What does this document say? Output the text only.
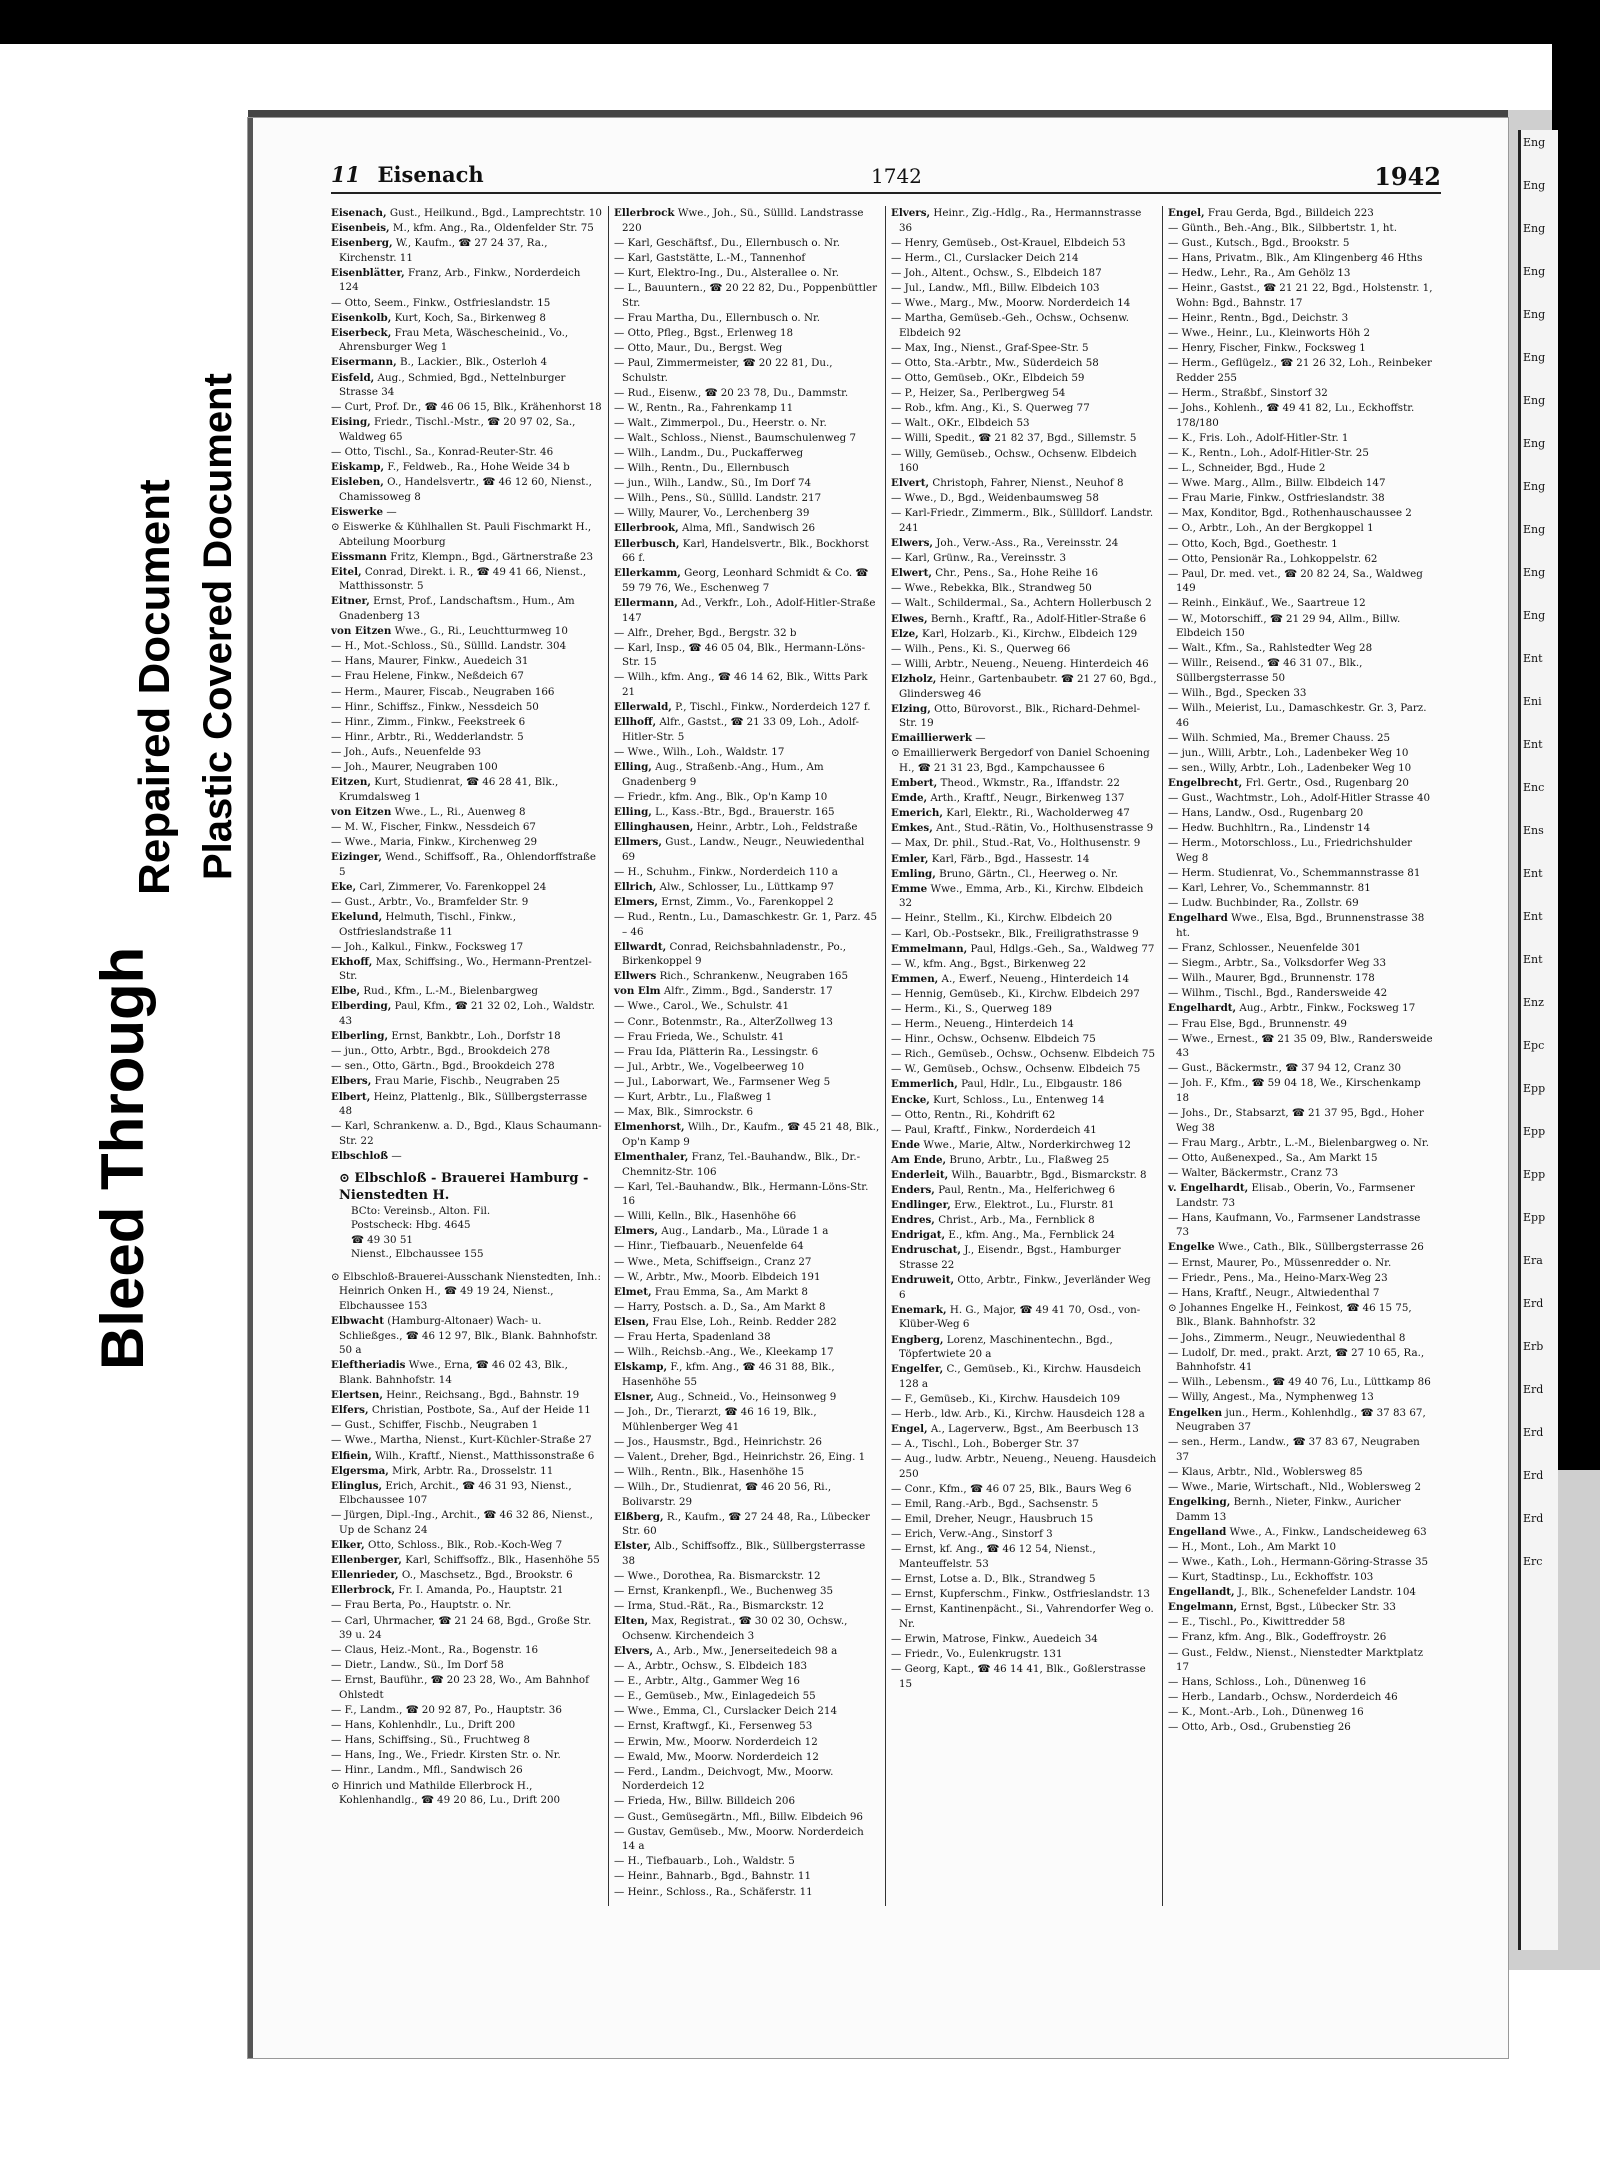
Bleed Through
Repaired Document Plastic Covered Document
11 Eisenach	1742	1942
Eisenach, Gust., Heilkund., Bgd., Lamprechtstr. 10
Eisenbeis, M., kfm. Ang., Ra., Oldenfelder Str. 75
Eisenberg, W., Kaufm., ☎ 27 24 37, Ra., Kirchenstr. 11
Eisenblätter, Franz, Arb., Finkw., Norderdeich 124
— Otto, Seem., Finkw., Ostfrieslandstr. 15
Eisenkolb, Kurt, Koch, Sa., Birkenweg 8
Eiserbeck, Frau Meta, Wäschescheinid., Vo., Ahrensburger Weg 1
Eisermann, B., Lackier., Blk., Osterloh 4
Eisfeld, Aug., Schmied, Bgd., Nettelnburger Strasse 34
— Curt, Prof. Dr., ☎ 46 06 15, Blk., Krähenhorst 18
Eising, Friedr., Tischl.-Mstr., ☎ 20 97 02, Sa., Waldweg 65
— Otto, Tischl., Sa., Konrad-Reuter-Str. 46
Eiskamp, F., Feldweb., Ra., Hohe Weide 34 b
Eisleben, O., Handelsvertr., ☎ 46 12 60, Nienst., Chamissoweg 8
Eiswerke —
⊙ Eiswerke & Kühlhallen St. Pauli Fischmarkt H., Abteilung Moorburg
Eissmann Fritz, Klempn., Bgd., Gärtnerstraße 23
Eitel, Conrad, Direkt. i. R., ☎ 49 41 66, Nienst., Matthissonstr. 5
Eitner, Ernst, Prof., Landschaftsm., Hum., Am Gnadenberg 13
von Eitzen Wwe., G., Ri., Leuchtturmweg 10
— H., Mot.-Schloss., Sü., Süllld. Landstr. 304
— Hans, Maurer, Finkw., Auedeich 31
— Frau Helene, Finkw., Neßdeich 67
— Herm., Maurer, Fiscab., Neugraben 166
— Hinr., Schiffsz., Finkw., Nessdeich 50
— Hinr., Zimm., Finkw., Feekstreek 6
— Hinr., Arbtr., Ri., Wedderlandstr. 5
— Joh., Aufs., Neuenfelde 93
— Joh., Maurer, Neugraben 100
Eitzen, Kurt, Studienrat, ☎ 46 28 41, Blk., Krumdalsweg 1
von Eitzen Wwe., L., Ri., Auenweg 8
— M. W., Fischer, Finkw., Nessdeich 67
— Wwe., Maria, Finkw., Kirchenweg 29
Eizinger, Wend., Schiffsoff., Ra., Ohlendorffstraße 5
Eke, Carl, Zimmerer, Vo. Farenkoppel 24
— Gust., Arbtr., Vo., Bramfelder Str. 9
Ekelund, Helmuth, Tischl., Finkw., Ostfrieslandstraße 11
— Joh., Kalkul., Finkw., Focksweg 17
Ekhoff, Max, Schiffsing., Wo., Hermann-Prentzel-Str.
Elbe, Rud., Kfm., L.-M., Bielenbargweg
Elberding, Paul, Kfm., ☎ 21 32 02, Loh., Waldstr. 43
Elberling, Ernst, Bankbtr., Loh., Dorfstr 18
— jun., Otto, Arbtr., Bgd., Brookdeich 278
— sen., Otto, Gärtn., Bgd., Brookdeich 278
Elbers, Frau Marie, Fischb., Neugraben 25
Elbert, Heinz, Plattenlg., Blk., Süllbergsterrasse 48
— Karl, Schrankenw. a. D., Bgd., Klaus Schaumann-Str. 22
Elbschloß —
⊙ Elbschloß - Brauerei Hamburg - Nienstedten H.
BCto: Vereinsb., Alton. Fil.
Postscheck: Hbg. 4645
☎ 49 30 51
Nienst., Elbchaussee 155
⊙ Elbschloß-Brauerei-Ausschank Nienstedten, Inh.: Heinrich Onken H., ☎ 49 19 24, Nienst., Elbchaussee 153
Elbwacht (Hamburg-Altonaer) Wach- u. Schließges., ☎ 46 12 97, Blk., Blank. Bahnhofstr. 50 a
Eleftheriadis Wwe., Erna, ☎ 46 02 43, Blk., Blank. Bahnhofstr. 14
Elertsen, Heinr., Reichsang., Bgd., Bahnstr. 19
Elfers, Christian, Postbote, Sa., Auf der Heide 11
— Gust., Schiffer, Fischb., Neugraben 1
— Wwe., Martha, Nienst., Kurt-Küchler-Straße 27
Elfiein, Wilh., Kraftf., Nienst., Matthissonstraße 6
Elgersma, Mirk, Arbtr. Ra., Drosselstr. 11
Elinglus, Erich, Archit., ☎ 46 31 93, Nienst., Elbchaussee 107
— Jürgen, Dipl.-Ing., Archit., ☎ 46 32 86, Nienst., Up de Schanz 24
Elker, Otto, Schloss., Blk., Rob.-Koch-Weg 7
Ellenberger, Karl, Schiffsoffz., Blk., Hasenhöhe 55
Ellenrieder, O., Maschsetz., Bgd., Brookstr. 6
Ellerbrock, Fr. I. Amanda, Po., Hauptstr. 21
— Frau Berta, Po., Hauptstr. o. Nr.
— Carl, Uhrmacher, ☎ 21 24 68, Bgd., Große Str. 39 u. 24
— Claus, Heiz.-Mont., Ra., Bogenstr. 16
— Dietr., Landw., Sü., Im Dorf 58
— Ernst, Bauführ., ☎ 20 23 28, Wo., Am Bahnhof Ohlstedt
— F., Landm., ☎ 20 92 87, Po., Hauptstr. 36
— Hans, Kohlenhdlr., Lu., Drift 200
— Hans, Schiffsing., Sü., Fruchtweg 8
— Hans, Ing., We., Friedr. Kirsten Str. o. Nr.
— Hinr., Landm., Mfl., Sandwisch 26
⊙ Hinrich und Mathilde Ellerbrock H., Kohlenhandlg., ☎ 49 20 86, Lu., Drift 200
Ellerbrock Wwe., Joh., Sü., Süllld. Landstrasse 220
— Karl, Geschäftsf., Du., Ellernbusch o. Nr.
— Karl, Gaststätte, L.-M., Tannenhof
— Kurt, Elektro-Ing., Du., Alsterallee o. Nr.
— L., Bauuntern., ☎ 20 22 82, Du., Poppenbüttler Str.
— Frau Martha, Du., Ellernbusch o. Nr.
— Otto, Pfleg., Bgst., Erlenweg 18
— Otto, Maur., Du., Bergst. Weg
— Paul, Zimmermeister, ☎ 20 22 81, Du., Schulstr.
— Rud., Eisenw., ☎ 20 23 78, Du., Dammstr.
— W., Rentn., Ra., Fahrenkamp 11
— Walt., Zimmerpol., Du., Heerstr. o. Nr.
— Walt., Schloss., Nienst., Baumschulenweg 7
— Wilh., Landm., Du., Puckafferweg
— Wilh., Rentn., Du., Ellernbusch
— jun., Wilh., Landw., Sü., Im Dorf 74
— Wilh., Pens., Sü., Süllld. Landstr. 217
— Willy, Maurer, Vo., Lerchenberg 39
Ellerbrook, Alma, Mfl., Sandwisch 26
Ellerbusch, Karl, Handelsvertr., Blk., Bockhorst 66 f.
Ellerkamm, Georg, Leonhard Schmidt & Co. ☎ 59 79 76, We., Eschenweg 7
Ellermann, Ad., Verkfr., Loh., Adolf-Hitler-Straße 147
— Alfr., Dreher, Bgd., Bergstr. 32 b
— Karl, Insp., ☎ 46 05 04, Blk., Hermann-Löns-Str. 15
— Wilh., kfm. Ang., ☎ 46 14 62, Blk., Witts Park 21
Ellerwald, P., Tischl., Finkw., Norderdeich 127 f.
Ellhoff, Alfr., Gastst., ☎ 21 33 09, Loh., Adolf-Hitler-Str. 5
— Wwe., Wilh., Loh., Waldstr. 17
Elling, Aug., Straßenb.-Ang., Hum., Am Gnadenberg 9
— Friedr., kfm. Ang., Blk., Op'n Kamp 10
Elling, L., Kass.-Btr., Bgd., Brauerstr. 165
Ellinghausen, Heinr., Arbtr., Loh., Feldstraße
Ellmers, Gust., Landw., Neugr., Neuwiedenthal 69
— H., Schuhm., Finkw., Norderdeich 110 a
Ellrich, Alw., Schlosser, Lu., Lüttkamp 97
Elmers, Ernst, Zimm., Vo., Farenkoppel 2
— Rud., Rentn., Lu., Damaschkestr. Gr. 1, Parz. 45 – 46
Ellwardt, Conrad, Reichsbahnladenstr., Po., Birkenkoppel 9
Ellwers Rich., Schrankenw., Neugraben 165
von Elm Alfr., Zimm., Bgd., Sanderstr. 17
— Wwe., Carol., We., Schulstr. 41
— Conr., Botenmstr., Ra., AlterZollweg 13
— Frau Frieda, We., Schulstr. 41
— Frau Ida, Plätterin Ra., Lessingstr. 6
— Jul., Arbtr., We., Vogelbeerweg 10
— Jul., Laborwart, We., Farmsener Weg 5
— Kurt, Arbtr., Lu., Flaßweg 1
— Max, Blk., Simrockstr. 6
Elmenhorst, Wilh., Dr., Kaufm., ☎ 45 21 48, Blk., Op'n Kamp 9
Elmenthaler, Franz, Tel.-Bauhandw., Blk., Dr.-Chemnitz-Str. 106
— Karl, Tel.-Bauhandw., Blk., Hermann-Löns-Str. 16
— Willi, Kelln., Blk., Hasenhöhe 66
Elmers, Aug., Landarb., Ma., Lürade 1 a
— Hinr., Tiefbauarb., Neuenfelde 64
— Wwe., Meta, Schiffseign., Cranz 27
— W., Arbtr., Mw., Moorb. Elbdeich 191
Elmet, Frau Emma, Sa., Am Markt 8
— Harry, Postsch. a. D., Sa., Am Markt 8
Elsen, Frau Else, Loh., Reinb. Redder 282
— Frau Herta, Spadenland 38
— Wilh., Reichsb.-Ang., We., Kleekamp 17
Elskamp, F., kfm. Ang., ☎ 46 31 88, Blk., Hasenhöhe 55
Elsner, Aug., Schneid., Vo., Heinsonweg 9
— Joh., Dr., Tierarzt, ☎ 46 16 19, Blk., Mühlenberger Weg 41
— Jos., Hausmstr., Bgd., Heinrichstr. 26
— Valent., Dreher, Bgd., Heinrichstr. 26, Eing. 1
— Wilh., Rentn., Blk., Hasenhöhe 15
— Wilh., Dr., Studienrat, ☎ 46 20 56, Ri., Bolivarstr. 29
Elßberg, R., Kaufm., ☎ 27 24 48, Ra., Lübecker Str. 60
Elster, Alb., Schiffsoffz., Blk., Süllbergsterrasse 38
— Wwe., Dorothea, Ra. Bismarckstr. 12
— Ernst, Krankenpfl., We., Buchenweg 35
— Irma, Stud.-Rät., Ra., Bismarckstr. 12
Elten, Max, Registrat., ☎ 30 02 30, Ochsw., Ochsenw. Kirchendeich 3
Elvers, A., Arb., Mw., Jenerseitedeich 98 a
— A., Arbtr., Ochsw., S. Elbdeich 183
— E., Arbtr., Altg., Gammer Weg 16
— E., Gemüseb., Mw., Einlagedeich 55
— Wwe., Emma, Cl., Curslacker Deich 214
— Ernst, Kraftwgf., Ki., Fersenweg 53
— Erwin, Mw., Moorw. Norderdeich 12
— Ewald, Mw., Moorw. Norderdeich 12
— Ferd., Landm., Deichvogt, Mw., Moorw. Norderdeich 12
— Frieda, Hw., Billw. Billdeich 206
— Gust., Gemüsegärtn., Mfl., Billw. Elbdeich 96
— Gustav, Gemüseb., Mw., Moorw. Norderdeich 14 a
— H., Tiefbauarb., Loh., Waldstr. 5
— Heinr., Bahnarb., Bgd., Bahnstr. 11
— Heinr., Schloss., Ra., Schäferstr. 11
Elvers, Heinr., Zig.-Hdlg., Ra., Hermannstrasse 36
— Henry, Gemüseb., Ost-Krauel, Elbdeich 53
— Herm., Cl., Curslacker Deich 214
— Joh., Altent., Ochsw., S., Elbdeich 187
— Jul., Landw., Mfl., Billw. Elbdeich 103
— Wwe., Marg., Mw., Moorw. Norderdeich 14
— Martha, Gemüseb.-Geh., Ochsw., Ochsenw. Elbdeich 92
— Max, Ing., Nienst., Graf-Spee-Str. 5
— Otto, Sta.-Arbtr., Mw., Süderdeich 58
— Otto, Gemüseb., OKr., Elbdeich 59
— P., Heizer, Sa., Perlbergweg 54
— Rob., kfm. Ang., Ki., S. Querweg 77
— Walt., OKr., Elbdeich 53
— Willi, Spedit., ☎ 21 82 37, Bgd., Sillemstr. 5
— Willy, Gemüseb., Ochsw., Ochsenw. Elbdeich 160
Elvert, Christoph, Fahrer, Nienst., Neuhof 8
— Wwe., D., Bgd., Weidenbaumsweg 58
— Karl-Friedr., Zimmerm., Blk., Süllldorf. Landstr. 241
Elwers, Joh., Verw.-Ass., Ra., Vereinsstr. 24
— Karl, Grünw., Ra., Vereinsstr. 3
Elwert, Chr., Pens., Sa., Hohe Reihe 16
— Wwe., Rebekka, Blk., Strandweg 50
— Walt., Schildermal., Sa., Achtern Hollerbusch 2
Elwes, Bernh., Kraftf., Ra., Adolf-Hitler-Straße 6
Elze, Karl, Holzarb., Ki., Kirchw., Elbdeich 129
— Wilh., Pens., Ki. S., Querweg 66
— Willi, Arbtr., Neueng., Neueng. Hinterdeich 46
Elzholz, Heinr., Gartenbaubetr. ☎ 21 27 60, Bgd., Glindersweg 46
Elzing, Otto, Bürovorst., Blk., Richard-Dehmel-Str. 19
Emaillierwerk —
⊙ Emaillierwerk Bergedorf von Daniel Schoening H., ☎ 21 31 23, Bgd., Kampchaussee 6
Embert, Theod., Wkmstr., Ra., Iffandstr. 22
Emde, Arth., Kraftf., Neugr., Birkenweg 137
Emerich, Karl, Elektr., Ri., Wacholderweg 47
Emkes, Ant., Stud.-Rätin, Vo., Holthusenstrasse 9
— Max, Dr. phil., Stud.-Rat, Vo., Holthusenstr. 9
Emler, Karl, Färb., Bgd., Hassestr. 14
Emling, Bruno, Gärtn., Cl., Heerweg o. Nr.
Emme Wwe., Emma, Arb., Ki., Kirchw. Elbdeich 32
— Heinr., Stellm., Ki., Kirchw. Elbdeich 20
— Karl, Ob.-Postsekr., Blk., Freiligrathstrasse 9
Emmelmann, Paul, Hdlgs.-Geh., Sa., Waldweg 77
— W., kfm. Ang., Bgst., Birkenweg 22
Emmen, A., Ewerf., Neueng., Hinterdeich 14
— Hennig, Gemüseb., Ki., Kirchw. Elbdeich 297
— Herm., Ki., S., Querweg 189
— Herm., Neueng., Hinterdeich 14
— Hinr., Ochsw., Ochsenw. Elbdeich 75
— Rich., Gemüseb., Ochsw., Ochsenw. Elbdeich 75
— W., Gemüseb., Ochsw., Ochsenw. Elbdeich 75
Emmerlich, Paul, Hdlr., Lu., Elbgaustr. 186
Encke, Kurt, Schloss., Lu., Entenweg 14
— Otto, Rentn., Ri., Kohdrift 62
— Paul, Kraftf., Finkw., Norderdeich 41
Ende Wwe., Marie, Altw., Norderkirchweg 12
Am Ende, Bruno, Arbtr., Lu., Flaßweg 25
Enderleit, Wilh., Bauarbtr., Bgd., Bismarckstr. 8
Enders, Paul, Rentn., Ma., Helferichweg 6
Endlinger, Erw., Elektrot., Lu., Flurstr. 81
Endres, Christ., Arb., Ma., Fernblick 8
Endrigat, E., kfm. Ang., Ma., Fernblick 24
Endruschat, J., Eisendr., Bgst., Hamburger Strasse 22
Endruweit, Otto, Arbtr., Finkw., Jeverländer Weg 6
Enemark, H. G., Major, ☎ 49 41 70, Osd., von-Klüber-Weg 6
Engberg, Lorenz, Maschinentechn., Bgd., Töpfertwiete 20 a
Engelfer, C., Gemüseb., Ki., Kirchw. Hausdeich 128 a
— F., Gemüseb., Ki., Kirchw. Hausdeich 109
— Herb., ldw. Arb., Ki., Kirchw. Hausdeich 128 a
Engel, A., Lagerverw., Bgst., Am Beerbusch 13
— A., Tischl., Loh., Boberger Str. 37
— Aug., ludw. Arbtr., Neueng., Neueng. Hausdeich 250
— Conr., Kfm., ☎ 46 07 25, Blk., Baurs Weg 6
— Emil, Rang.-Arb., Bgd., Sachsenstr. 5
— Emil, Dreher, Neugr., Hausbruch 15
— Erich, Verw.-Ang., Sinstorf 3
— Ernst, kf. Ang., ☎ 46 12 54, Nienst., Manteuffelstr. 53
— Ernst, Lotse a. D., Blk., Strandweg 5
— Ernst, Kupferschm., Finkw., Ostfrieslandstr. 13
— Ernst, Kantinenpächt., Si., Vahrendorfer Weg o. Nr.
— Erwin, Matrose, Finkw., Auedeich 34
— Friedr., Vo., Eulenkrugstr. 131
— Georg, Kapt., ☎ 46 14 41, Blk., Goßlerstrasse 15
Engel, Frau Gerda, Bgd., Billdeich 223
— Günth., Beh.-Ang., Blk., Silbbertstr. 1, ht.
— Gust., Kutsch., Bgd., Brookstr. 5
— Hans, Privatm., Blk., Am Klingenberg 46 Hths
— Hedw., Lehr., Ra., Am Gehölz 13
— Heinr., Gastst., ☎ 21 21 22, Bgd., Holstenstr. 1, Wohn: Bgd., Bahnstr. 17
— Heinr., Rentn., Bgd., Deichstr. 3
— Wwe., Heinr., Lu., Kleinworts Höh 2
— Henry, Fischer, Finkw., Focksweg 1
— Herm., Geflügelz., ☎ 21 26 32, Loh., Reinbeker Redder 255
— Herm., Straßbf., Sinstorf 32
— Johs., Kohlenh., ☎ 49 41 82, Lu., Eckhoffstr. 178/180
— K., Fris. Loh., Adolf-Hitler-Str. 1
— K., Rentn., Loh., Adolf-Hitler-Str. 25
— L., Schneider, Bgd., Hude 2
— Wwe. Marg., Allm., Billw. Elbdeich 147
— Frau Marie, Finkw., Ostfrieslandstr. 38
— Max, Konditor, Bgd., Rothenhauschaussee 2
— O., Arbtr., Loh., An der Bergkoppel 1
— Otto, Koch, Bgd., Goethestr. 1
— Otto, Pensionär Ra., Lohkoppelstr. 62
— Paul, Dr. med. vet., ☎ 20 82 24, Sa., Waldweg 149
— Reinh., Einkäuf., We., Saartreue 12
— W., Motorschiff., ☎ 21 29 94, Allm., Billw. Elbdeich 150
— Walt., Kfm., Sa., Rahlstedter Weg 28
— Willr., Reisend., ☎ 46 31 07., Blk., Süllbergsterrasse 50
— Wilh., Bgd., Specken 33
— Wilh., Meierist, Lu., Damaschkestr. Gr. 3, Parz. 46
— Wilh. Schmied, Ma., Bremer Chauss. 25
— jun., Willi, Arbtr., Loh., Ladenbeker Weg 10
— sen., Willy, Arbtr., Loh., Ladenbeker Weg 10
Engelbrecht, Frl. Gertr., Osd., Rugenbarg 20
— Gust., Wachtmstr., Loh., Adolf-Hitler Strasse 40
— Hans, Landw., Osd., Rugenbarg 20
— Hedw. Buchhltrn., Ra., Lindenstr 14
— Herm., Motorschloss., Lu., Friedrichshulder Weg 8
— Herm. Studienrat, Vo., Schemmannstrasse 81
— Karl, Lehrer, Vo., Schemmannstr. 81
— Ludw. Buchbinder, Ra., Zollstr. 69
Engelhard Wwe., Elsa, Bgd., Brunnenstrasse 38 ht.
— Franz, Schlosser., Neuenfelde 301
— Siegm., Arbtr., Sa., Volksdorfer Weg 33
— Wilh., Maurer, Bgd., Brunnenstr. 178
— Wilhm., Tischl., Bgd., Randersweide 42
Engelhardt, Aug., Arbtr., Finkw., Focksweg 17
— Frau Else, Bgd., Brunnenstr. 49
— Wwe., Ernest., ☎ 21 35 09, Blw., Randersweide 43
— Gust., Bäckermstr., ☎ 37 94 12, Cranz 30
— Joh. F., Kfm., ☎ 59 04 18, We., Kirschenkamp 18
— Johs., Dr., Stabsarzt, ☎ 21 37 95, Bgd., Hoher Weg 38
— Frau Marg., Arbtr., L.-M., Bielenbargweg o. Nr.
— Otto, Außenexped., Sa., Am Markt 15
— Walter, Bäckermstr., Cranz 73
v. Engelhardt, Elisab., Oberin, Vo., Farmsener Landstr. 73
— Hans, Kaufmann, Vo., Farmsener Landstrasse 73
Engelke Wwe., Cath., Blk., Süllbergsterrasse 26
— Ernst, Maurer, Po., Müssenredder o. Nr.
— Friedr., Pens., Ma., Heino-Marx-Weg 23
— Hans, Kraftf., Neugr., Altwiedenthal 7
⊙ Johannes Engelke H., Feinkost, ☎ 46 15 75, Blk., Blank. Bahnhofstr. 32
— Johs., Zimmerm., Neugr., Neuwiedenthal 8
— Ludolf, Dr. med., prakt. Arzt, ☎ 27 10 65, Ra., Bahnhofstr. 41
— Wilh., Lebensm., ☎ 49 40 76, Lu., Lüttkamp 86
— Willy, Angest., Ma., Nymphenweg 13
Engelken jun., Herm., Kohlenhdlg., ☎ 37 83 67, Neugraben 37
— sen., Herm., Landw., ☎ 37 83 67, Neugraben 37
— Klaus, Arbtr., Nld., Woblersweg 85
— Wwe., Marie, Wirtschaft., Nld., Woblersweg 2
Engelking, Bernh., Nieter, Finkw., Auricher Damm 13
Engelland Wwe., A., Finkw., Landscheideweg 63
— H., Mont., Loh., Am Markt 10
— Wwe., Kath., Loh., Hermann-Göring-Strasse 35
— Kurt, Stadtinsp., Lu., Eckhoffstr. 103
Engellandt, J., Blk., Schenefelder Landstr. 104
Engelmann, Ernst, Bgst., Lübecker Str. 33
— E., Tischl., Po., Kiwittredder 58
— Franz, kfm. Ang., Blk., Godeffroystr. 26
— Gust., Feldw., Nienst., Nienstedter Marktplatz 17
— Hans, Schloss., Loh., Dünenweg 16
— Herb., Landarb., Ochsw., Norderdeich 46
— K., Mont.-Arb., Loh., Dünenweg 16
— Otto, Arb., Osd., Grubenstieg 26
Eng
Eng
Eng
Eng
Eng
Eng
Eng
Eng
Eng
Eng
Eng
Eng
Ent
Eni
Ent
Enc
Ens
Ent
Ent
Ent
Enz
Epc
Epp
Epp
Epp
Epp
Era
Erd
Erb
Erd
Erd
Erd
Erd
Erc
